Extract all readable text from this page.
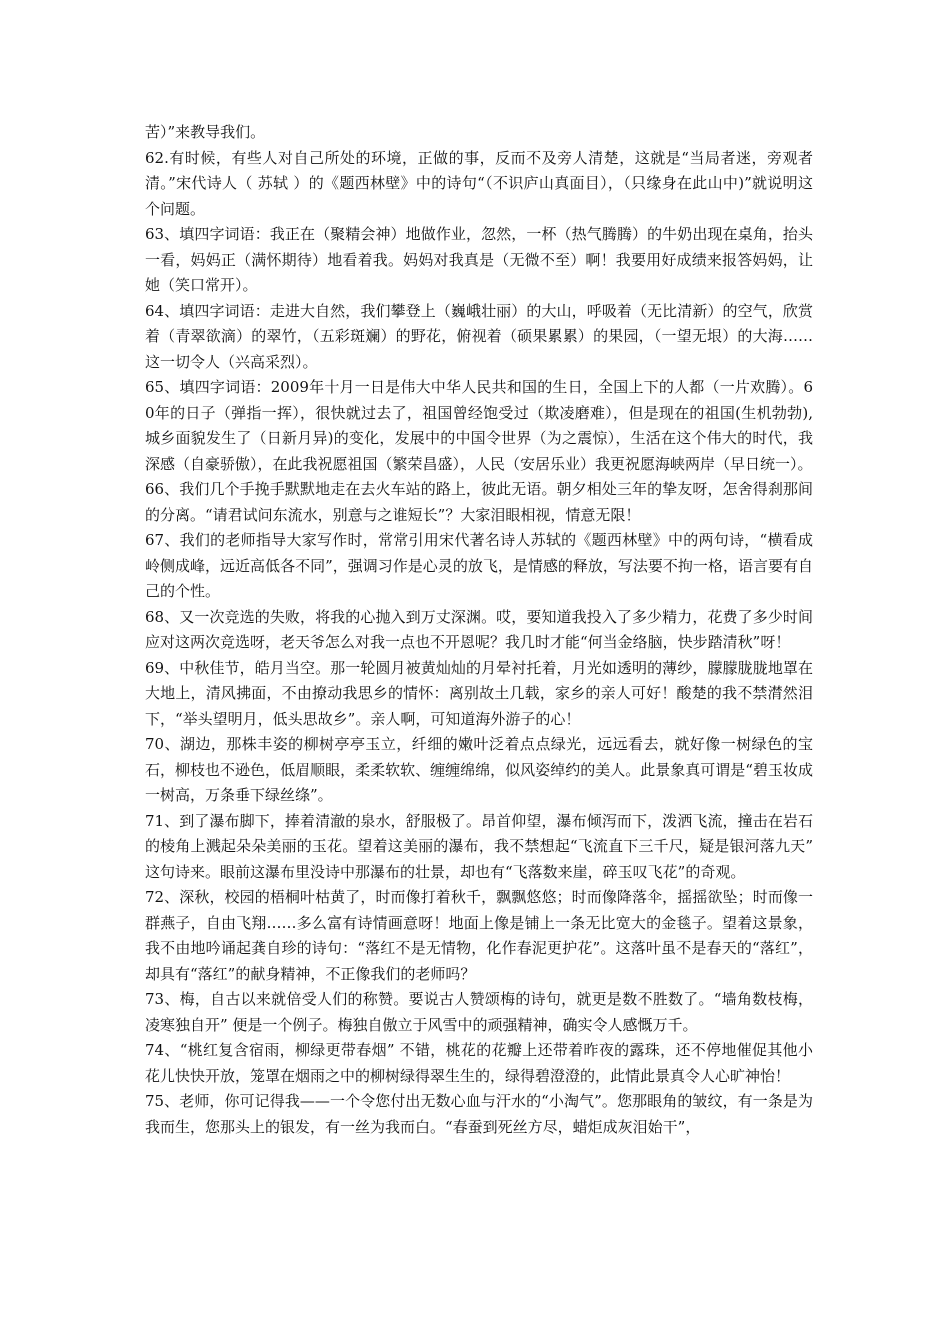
苦）”来教导我们。

62.有时候，有些人对自己所处的环境，正做的事，反而不及旁人清楚，这就是“当局者迷，旁观者清。”宋代诗人（ 苏轼 ）的《题西林壁》中的诗句“（不识庐山真面目），（只缘身在此山中)”就说明这个问题。

63、填四字词语：我正在（聚精会神）地做作业，忽然，一杯（热气腾腾）的牛奶出现在桌角，抬头一看，妈妈正（满怀期待）地看着我。妈妈对我真是（无微不至）啊！我要用好成绩来报答妈妈，让她（笑口常开）。

64、填四字词语：走进大自然，我们攀登上（巍峨壮丽）的大山，呼吸着（无比清新）的空气，欣赏着（青翠欲滴）的翠竹，（五彩斑斓）的野花，俯视着（硕果累累）的果园，（一望无垠）的大海……这一切令人（兴高采烈）。

65、填四字词语：2009年十月一日是伟大中华人民共和国的生日，全国上下的人都（一片欢腾）。60年的日子（弹指一挥），很快就过去了，祖国曾经饱受过（欺凌磨难），但是现在的祖国(生机勃勃),城乡面貌发生了（日新月异)的变化，发展中的中国令世界（为之震惊），生活在这个伟大的时代，我深感（自豪骄傲），在此我祝愿祖国（繁荣昌盛），人民（安居乐业）我更祝愿海峡两岸（早日统一）。

66、我们几个手挽手默默地走在去火车站的路上，彼此无语。朝夕相处三年的挚友呀，怎舍得刹那间的分离。“请君试问东流水，别意与之谁短长”？大家泪眼相视，情意无限！

67、我们的老师指导大家写作时，常常引用宋代著名诗人苏轼的《题西林壁》中的两句诗，“横看成岭侧成峰，远近高低各不同”，强调习作是心灵的放飞，是情感的释放，写法要不拘一格，语言要有自己的个性。

68、又一次竞选的失败，将我的心抛入到万丈深渊。哎，要知道我投入了多少精力，花费了多少时间应对这两次竞选呀，老天爷怎么对我一点也不开恩呢？我几时才能“何当金络脑，快步踏清秋”呀！

69、中秋佳节，皓月当空。那一轮圆月被黄灿灿的月晕衬托着，月光如透明的薄纱，朦朦胧胧地罩在大地上，清风拂面，不由撩动我思乡的情怀：离别故土几载，家乡的亲人可好！酸楚的我不禁潸然泪下，“举头望明月，低头思故乡”。亲人啊，可知道海外游子的心！

70、湖边，那株丰姿的柳树亭亭玉立，纤细的嫩叶泛着点点绿光，远远看去，就好像一树绿色的宝石，柳枝也不逊色，低眉顺眼，柔柔软软、缠缠绵绵，似风姿绰约的美人。此景象真可谓是“碧玉妆成一树高，万条垂下绿丝绦”。

71、到了瀑布脚下，捧着清澈的泉水，舒服极了。昂首仰望，瀑布倾泻而下，泼洒飞流，撞击在岩石的棱角上溅起朵朵美丽的玉花。望着这美丽的瀑布，我不禁想起“飞流直下三千尺，疑是银河落九天” 这句诗来。眼前这瀑布里没诗中那瀑布的壮景，却也有“飞落数来崖，碎玉叹飞花”的奇观。

72、深秋，校园的梧桐叶枯黄了，时而像打着秋千，飘飘悠悠；时而像降落伞，摇摇欲坠；时而像一群燕子，自由飞翔……多么富有诗情画意呀！地面上像是铺上一条无比宽大的金毯子。望着这景象，我不由地吟诵起龚自珍的诗句：“落红不是无情物，化作春泥更护花”。这落叶虽不是春天的“落红”，却具有“落红”的献身精神，不正像我们的老师吗？

73、梅，自古以来就倍受人们的称赞。要说古人赞颂梅的诗句，就更是数不胜数了。“墙角数枝梅，凌寒独自开” 便是一个例子。梅独自傲立于风雪中的顽强精神，确实令人感慨万千。

74、“桃红复含宿雨，柳绿更带春烟” 不错，桃花的花瓣上还带着昨夜的露珠，还不停地催促其他小花儿快快开放，笼罩在烟雨之中的柳树绿得翠生生的，绿得碧澄澄的，此情此景真令人心旷神怡！

75、老师，你可记得我——一个令您付出无数心血与汗水的“小淘气”。您那眼角的皱纹，有一条是为我而生，您那头上的银发，有一丝为我而白。“春蚕到死丝方尽，蜡炬成灰泪始干”，
